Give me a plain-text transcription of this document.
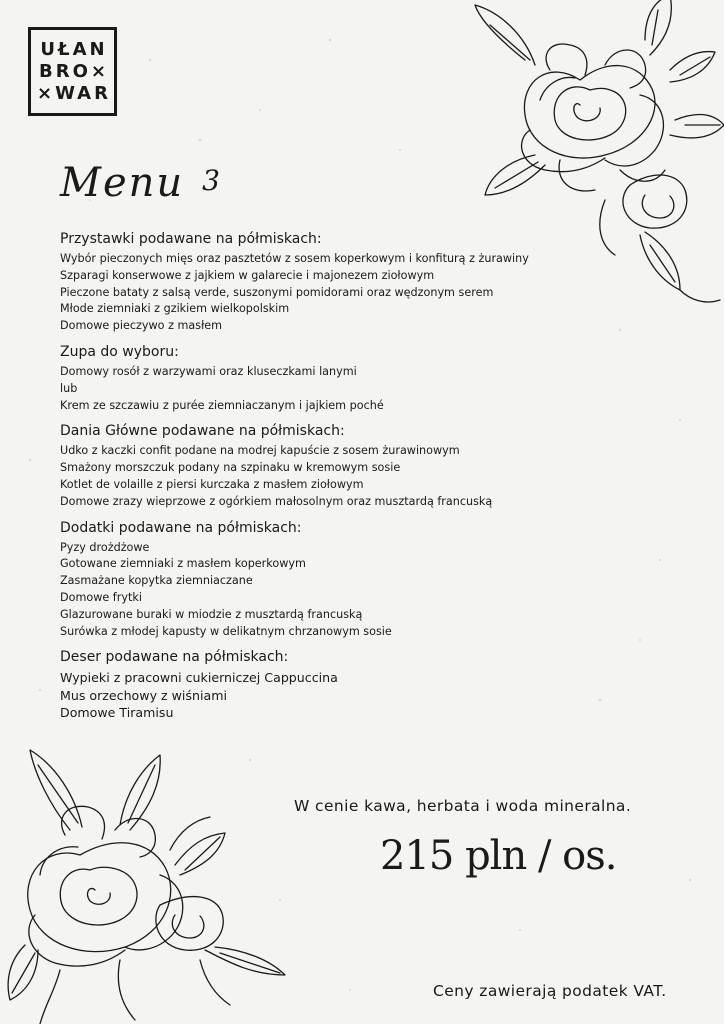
UŁAN
BRO×
×WAR
Menu 3
Przystawki podawane na półmiskach:
Wybór pieczonych mięs oraz pasztetów z sosem koperkowym i konfiturą z żurawiny
Szparagi konserwowe z jajkiem w galarecie i majonezem ziołowym
Pieczone bataty z salsą verde, suszonymi pomidorami oraz wędzonym serem
Młode ziemniaki z gzikiem wielkopolskim
Domowe pieczywo z masłem
Zupa do wyboru:
Domowy rosół z warzywami oraz kluseczkami lanymi
lub
Krem ze szczawiu z purée ziemniaczanym i jajkiem poché
Dania Główne podawane na półmiskach:
Udko z kaczki confit podane na modrej kapuście z sosem żurawinowym
Smażony morszczuk podany na szpinaku w kremowym sosie
Kotlet de volaille z piersi kurczaka z masłem ziołowym
Domowe zrazy wieprzowe z ogórkiem małosolnym oraz musztardą francuską
Dodatki podawane na półmiskach:
Pyzy drożdżowe
Gotowane ziemniaki z masłem koperkowym
Zasmażane kopytka ziemniaczane
Domowe frytki
Glazurowane buraki w miodzie z musztardą francuską
Surówka z młodej kapusty w delikatnym chrzanowym sosie
Deser podawane na półmiskach:
Wypieki z pracowni cukierniczej Cappuccina
Mus orzechowy z wiśniami
Domowe Tiramisu
W cenie kawa, herbata i woda mineralna.
215 pln / os.
Ceny zawierają podatek VAT.
